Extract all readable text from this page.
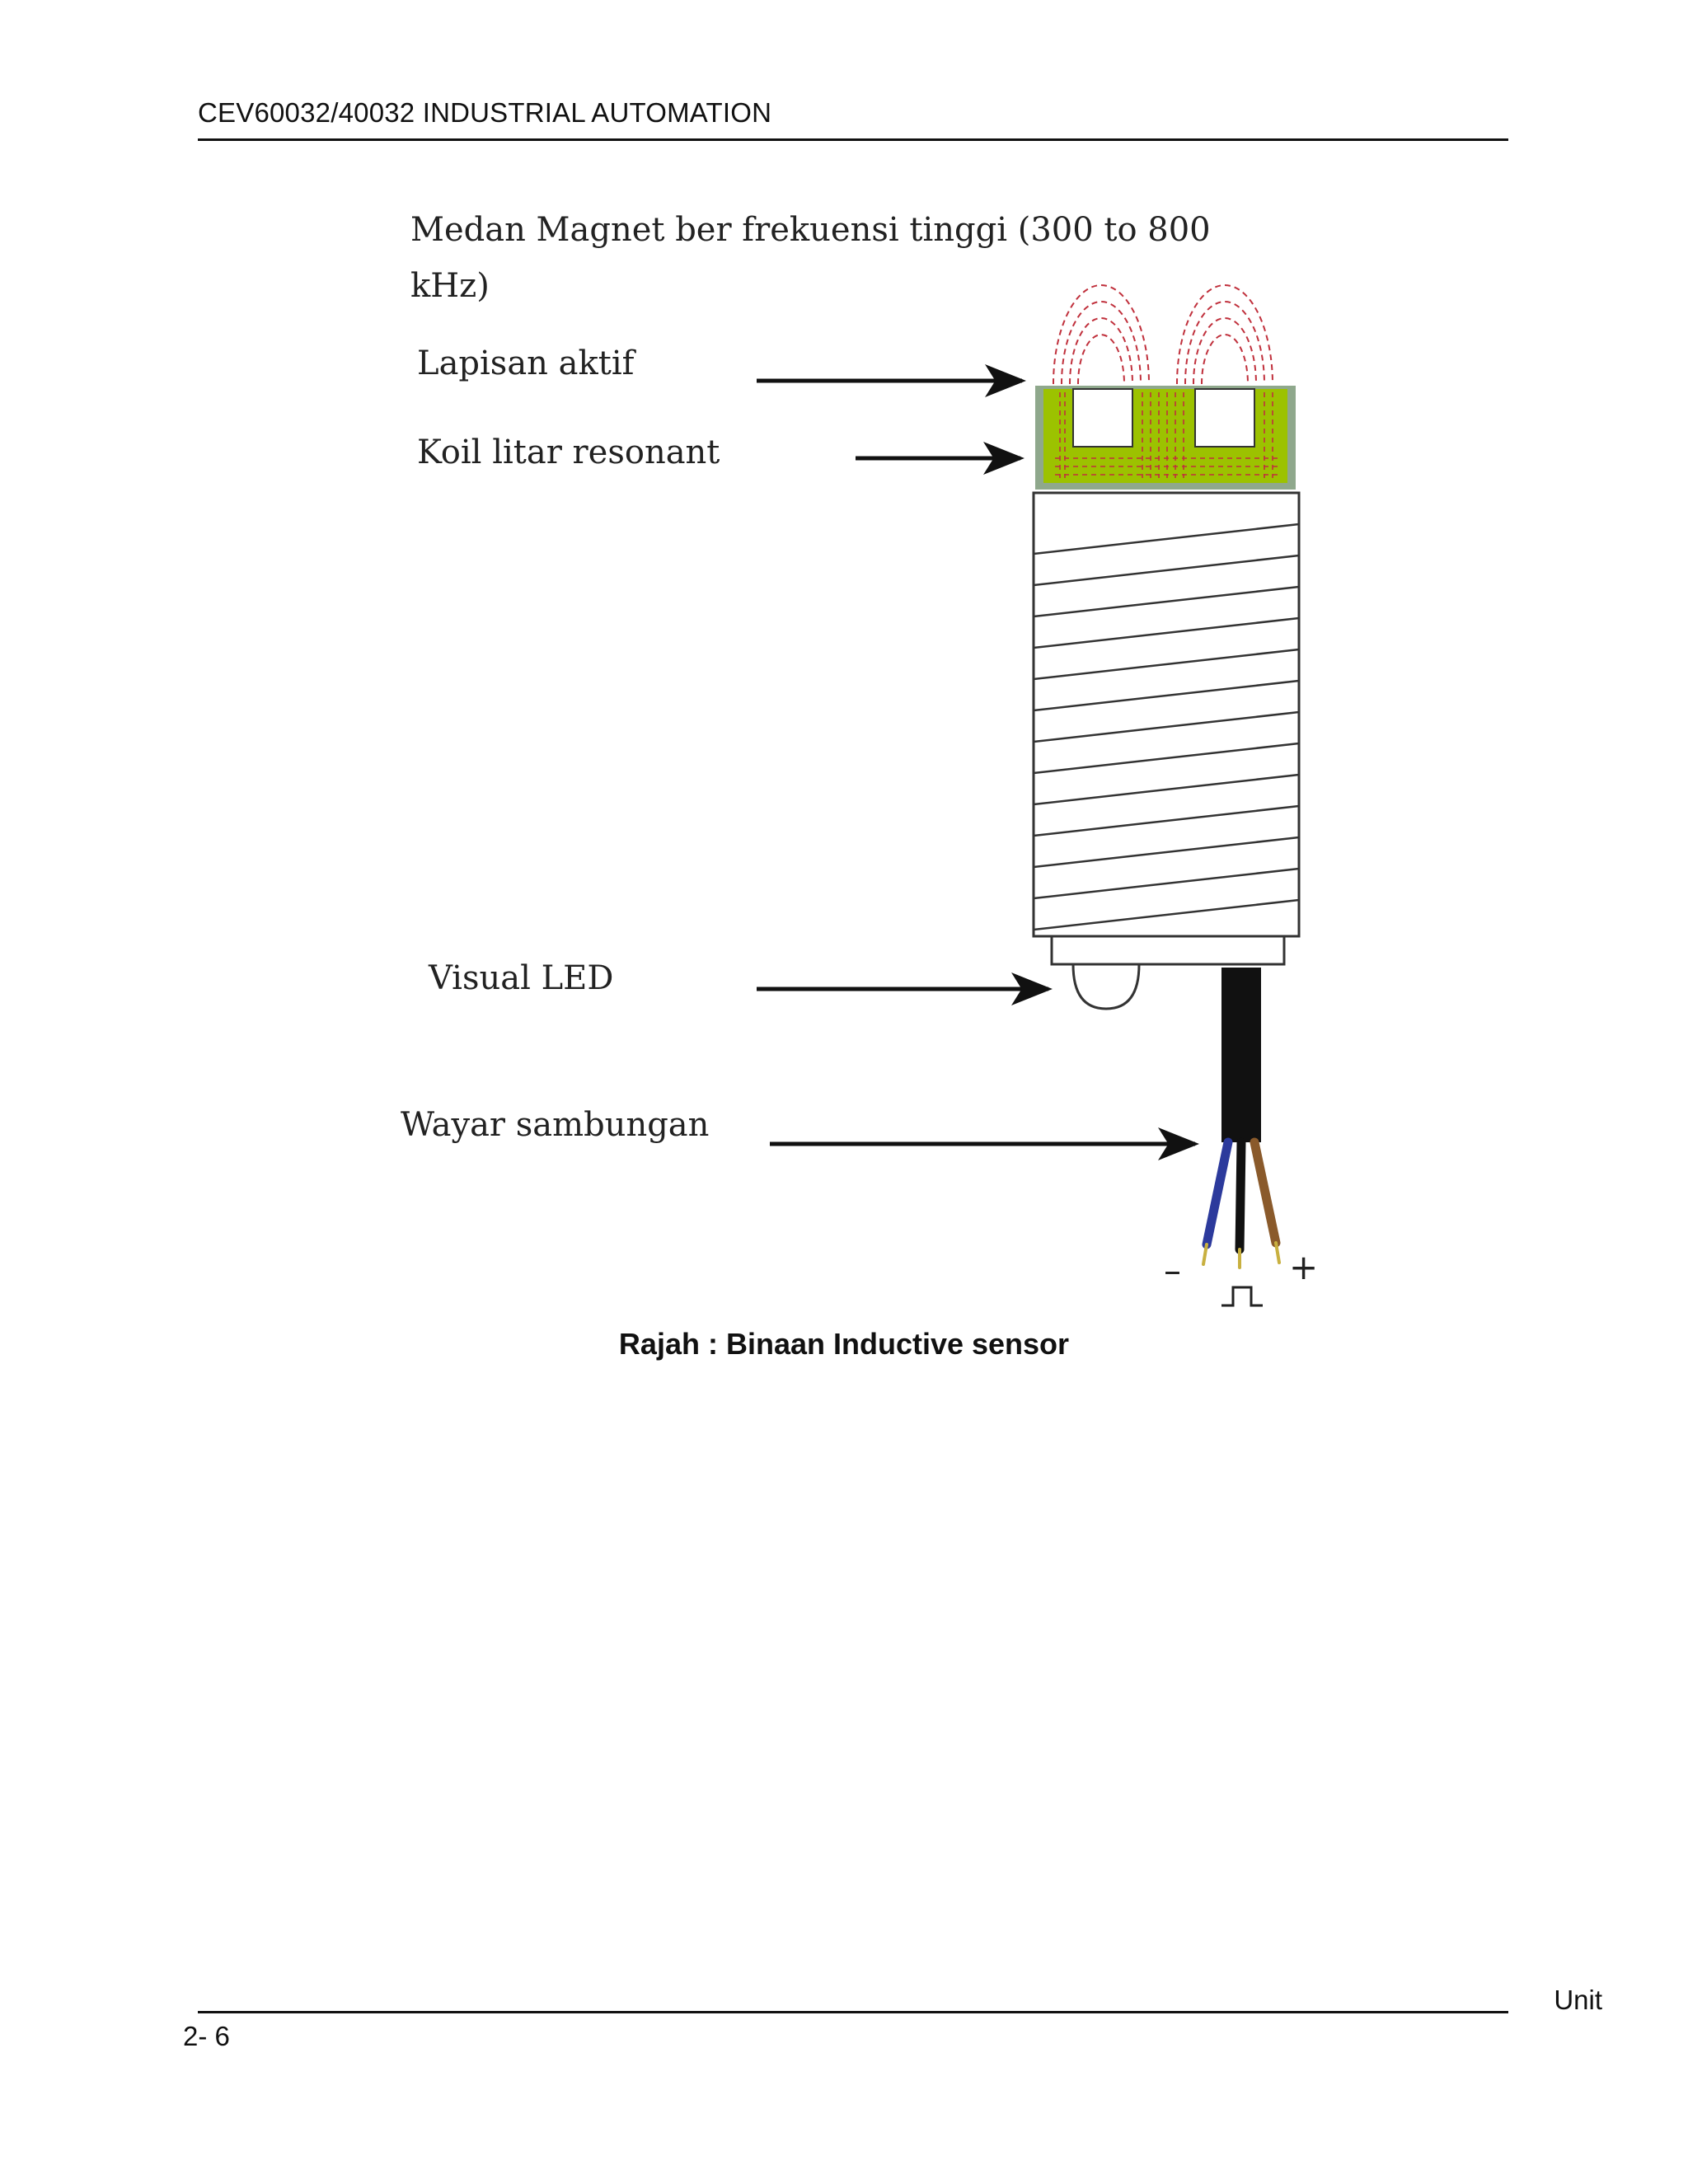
CEV60032/40032 INDUSTRIAL AUTOMATION
Medan Magnet ber frekuensi tinggi (300 to 800
kHz)
Lapisan aktif
Koil litar resonant
Visual LED
Wayar sambungan
–	+
Rajah : Binaan Inductive sensor
Unit
2- 6
